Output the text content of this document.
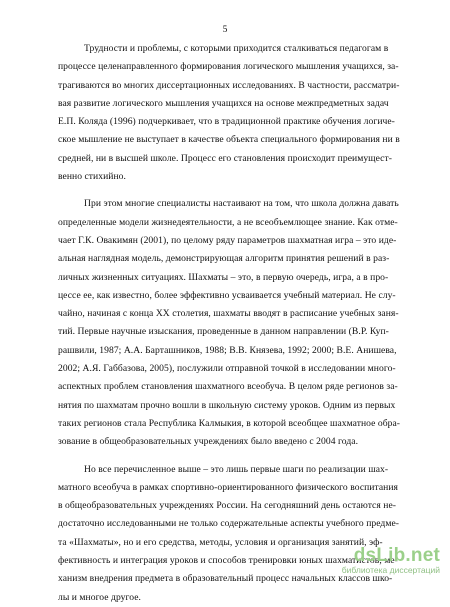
5
Трудности и проблемы, с которыми приходится сталкиваться педагогам в
процессе целенаправленного формирования логического мышления учащихся, за-
трагиваются во многих диссертационных исследованиях. В частности, рассматри-
вая развитие логического мышления учащихся на основе межпредметных задач
Е.П. Коляда (1996) подчеркивает, что в традиционной практике обучения логиче-
ское мышление не выступает в качестве объекта специального формирования ни в
средней, ни в высшей школе. Процесс его становления происходит преимущест-
венно стихийно.
При этом многие специалисты настаивают на том, что школа должна давать
определенные модели жизнедеятельности, а не всеобъемлющее знание. Как отме-
чает Г.К. Овакимян (2001), по целому ряду параметров шахматная игра – это иде-
альная наглядная модель, демонстрирующая алгоритм принятия решений в раз-
личных жизненных ситуациях. Шахматы – это, в первую очередь, игра, а в про-
цессе ее, как известно, более эффективно усваивается учебный материал. Не слу-
чайно, начиная с конца ХХ столетия, шахматы вводят в расписание учебных заня-
тий. Первые научные изыскания, проведенные в данном направлении (В.Р. Куп-
рашвили, 1987; А.А. Барташников, 1988; В.В. Князева, 1992; 2000; В.Е. Анишева,
2002; А.Я. Габбазова, 2005), послужили отправной точкой в исследовании много-
аспектных проблем становления шахматного всеобуча. В целом ряде регионов за-
нятия по шахматам прочно вошли в школьную систему уроков. Одним из первых
таких регионов стала Республика Калмыкия, в которой всеобщее шахматное обра-
зование в общеобразовательных учреждениях было введено с 2004 года.
Но все перечисленное выше – это лишь первые шаги по реализации шах-
матного всеобуча в рамках спортивно-ориентированного физического воспитания
в общеобразовательных учреждениях России. На сегодняшний день остаются не-
достаточно исследованными не только содержательные аспекты учебного предме-
та «Шахматы», но и его средства, методы, условия и организация занятий, эф-
фективность и интеграция уроков и способов тренировки юных шахматистов, ме-
ханизм внедрения предмета в образовательный процесс начальных классов шко-
лы и многое другое.
dsLib.net
библиотека диссертаций
